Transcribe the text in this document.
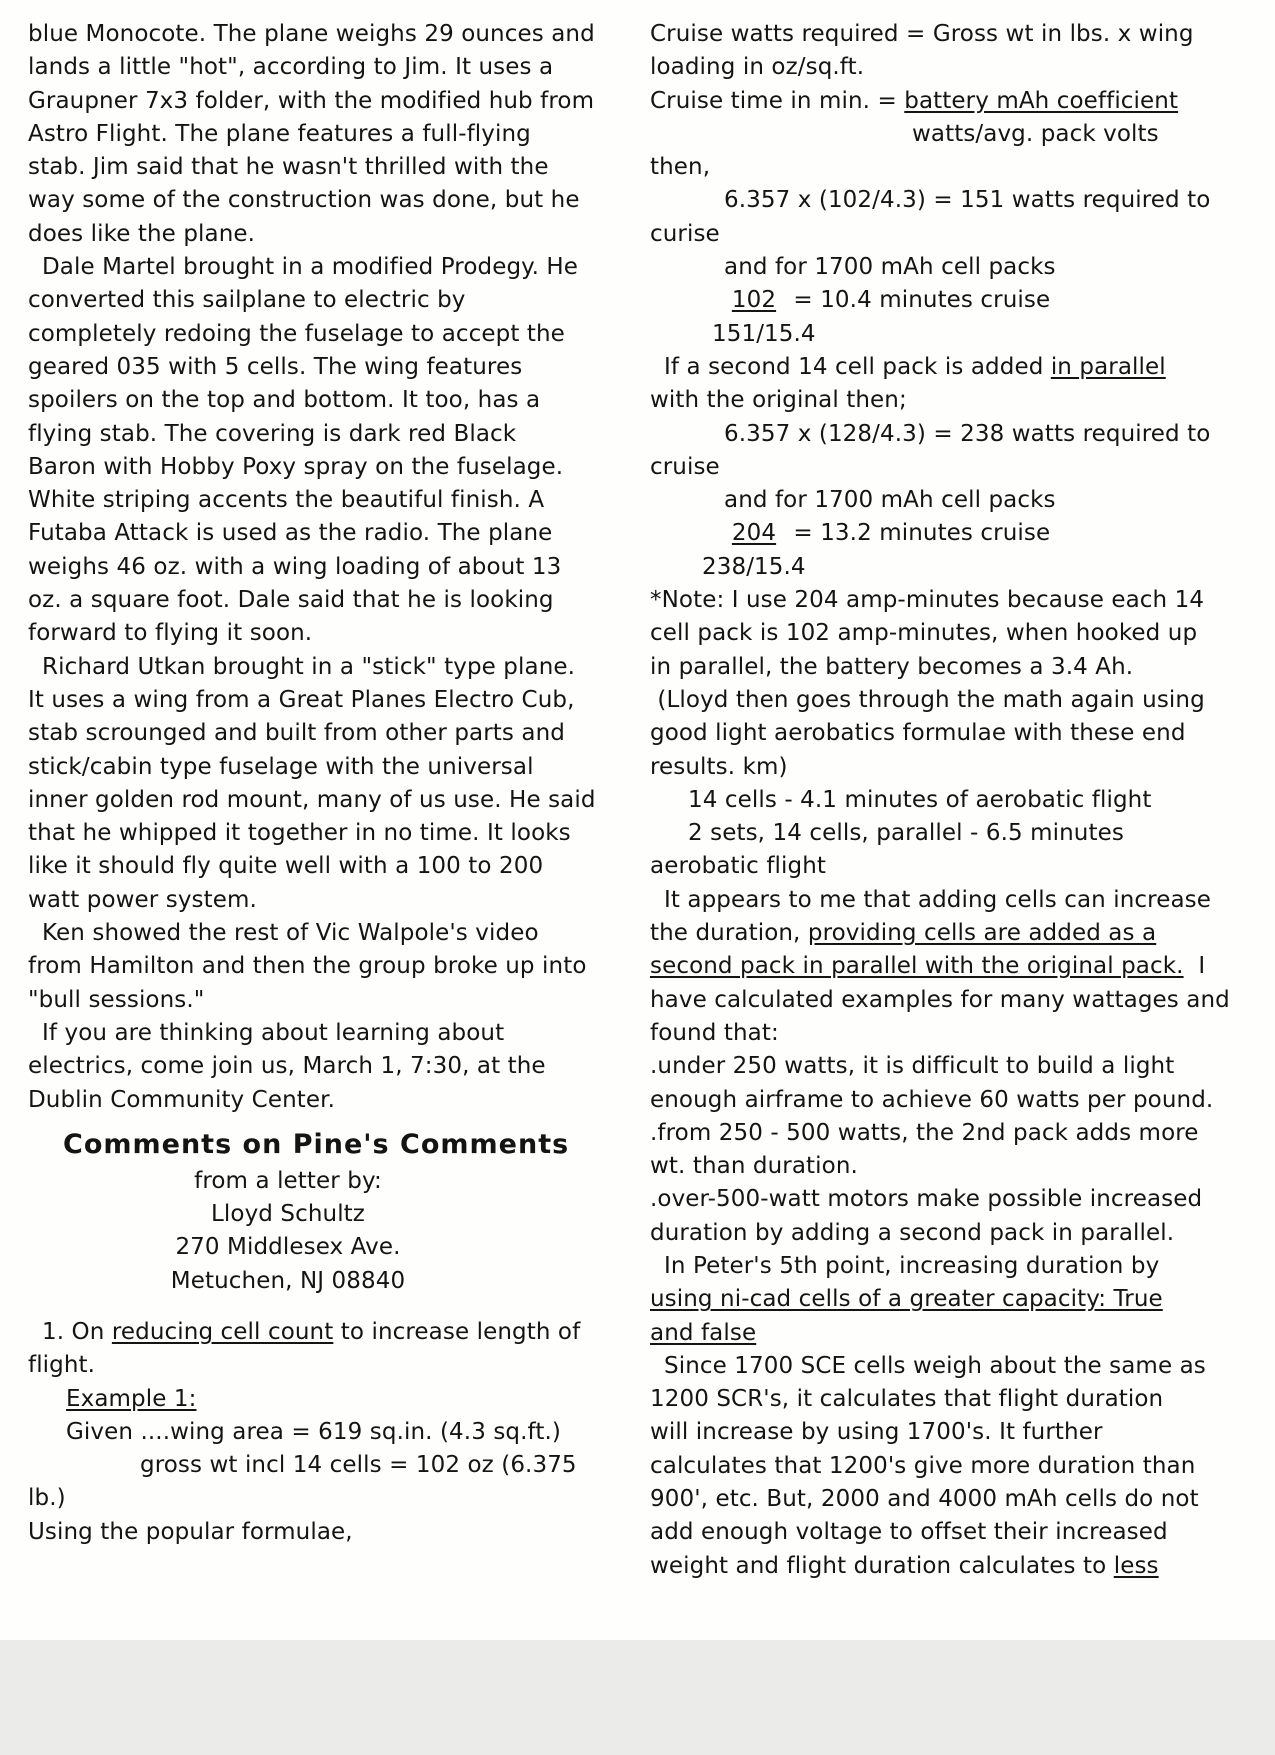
blue Monocote. The plane weighs 29 ounces and
lands a little "hot", according to Jim. It uses a
Graupner 7x3 folder, with the modified hub from
Astro Flight. The plane features a full-flying
stab. Jim said that he wasn't thrilled with the
way some of the construction was done, but he
does like the plane.
Dale Martel brought in a modified Prodegy. He
converted this sailplane to electric by
completely redoing the fuselage to accept the
geared 035 with 5 cells. The wing features
spoilers on the top and bottom. It too, has a
flying stab. The covering is dark red Black
Baron with Hobby Poxy spray on the fuselage.
White striping accents the beautiful finish. A
Futaba Attack is used as the radio. The plane
weighs 46 oz. with a wing loading of about 13
oz. a square foot. Dale said that he is looking
forward to flying it soon.
Richard Utkan brought in a "stick" type plane.
It uses a wing from a Great Planes Electro Cub,
stab scrounged and built from other parts and
stick/cabin type fuselage with the universal
inner golden rod mount, many of us use. He said
that he whipped it together in no time. It looks
like it should fly quite well with a 100 to 200
watt power system.
Ken showed the rest of Vic Walpole's video
from Hamilton and then the group broke up into
"bull sessions."
If you are thinking about learning about
electrics, come join us, March 1, 7:30, at the
Dublin Community Center.
Comments on Pine's Comments
from a letter by:
Lloyd Schultz
270 Middlesex Ave.
Metuchen, NJ 08840
1. On reducing cell count to increase length of
flight.
Example 1:
Given ....wing area = 619 sq.in. (4.3 sq.ft.)
gross wt incl 14 cells = 102 oz (6.375
lb.)
Using the popular formulae,
Cruise watts required = Gross wt in lbs. x wing
loading in oz/sq.ft.
Cruise time in min. = battery mAh coefficient
watts/avg. pack volts
then,
6.357 x (102/4.3) = 151 watts required to
curise
and for 1700 mAh cell packs
102 = 10.4 minutes cruise
151/15.4
If a second 14 cell pack is added in parallel
with the original then;
6.357 x (128/4.3) = 238 watts required to
cruise
and for 1700 mAh cell packs
204 = 13.2 minutes cruise
238/15.4
*Note: I use 204 amp-minutes because each 14
cell pack is 102 amp-minutes, when hooked up
in parallel, the battery becomes a 3.4 Ah.
(Lloyd then goes through the math again using
good light aerobatics formulae with these end
results. km)
14 cells - 4.1 minutes of aerobatic flight
2 sets, 14 cells, parallel - 6.5 minutes
aerobatic flight
It appears to me that adding cells can increase
the duration, providing cells are added as a
second pack in parallel with the original pack.  I
have calculated examples for many wattages and
found that:
.under 250 watts, it is difficult to build a light
enough airframe to achieve 60 watts per pound.
.from 250 - 500 watts, the 2nd pack adds more
wt. than duration.
.over-500-watt motors make possible increased
duration by adding a second pack in parallel.
In Peter's 5th point, increasing duration by
using ni-cad cells of a greater capacity: True
and false
Since 1700 SCE cells weigh about the same as
1200 SCR's, it calculates that flight duration
will increase by using 1700's. It further
calculates that 1200's give more duration than
900', etc. But, 2000 and 4000 mAh cells do not
add enough voltage to offset their increased
weight and flight duration calculates to less
